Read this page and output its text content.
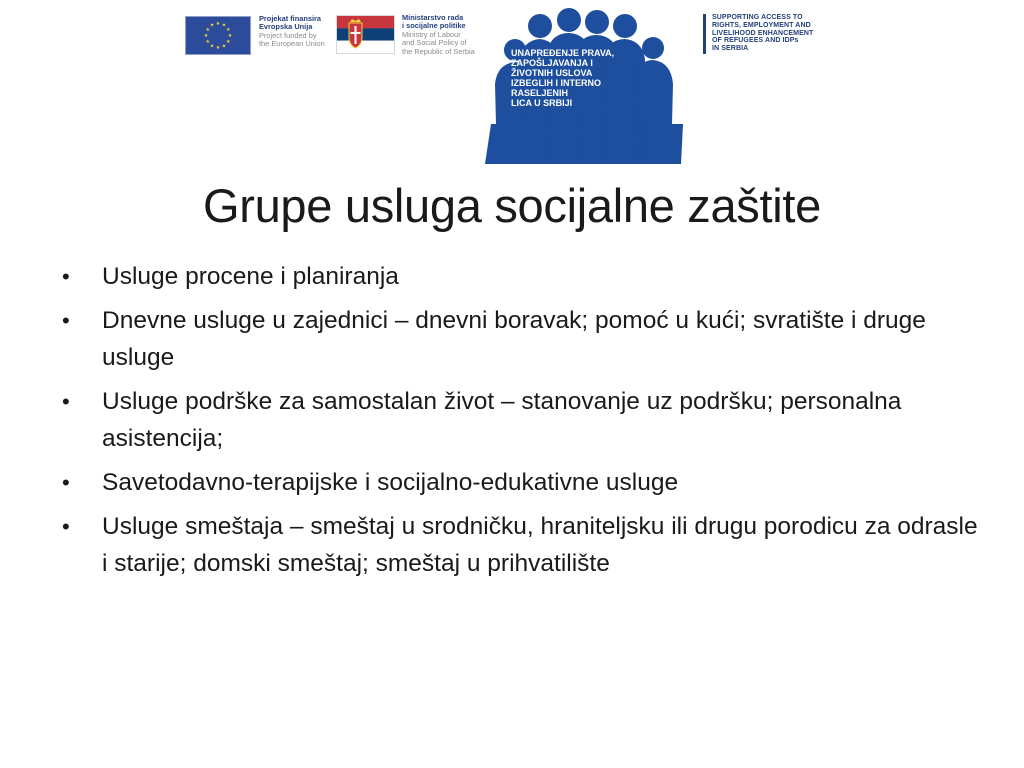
★ ★
★
★
★
★
★
★
★
★
★
★
Projekat finansira
Evropska Unija
Project funded by
the European Union
Ministarstvo rada
i socijalne politike
Ministry of Labour
and Social Policy of
the Republic of Serbia	UNAPREĐENJE PRAVA,
ZAPOŠLJAVANJA I
ŽIVOTNIH USLOVA
IZBEGLIH I INTERNO
RASELJENIH
LICA U SRBIJI
SUPPORTING ACCESS TO
RIGHTS, EMPLOYMENT AND
LIVELIHOOD ENHANCEMENT
OF REFUGEES AND IDPs
IN SERBIA
Grupe usluga socijalne zaštite
•	Usluge procene i planiranja
•	Dnevne usluge u zajednici – dnevni boravak; pomoć u kući; svratište i druge usluge
•	Usluge podrške za samostalan život – stanovanje uz podršku; personalna asistencija;
•	Savetodavno-terapijske i socijalno-edukativne usluge
•	Usluge smeštaja – smeštaj u srodničku, hraniteljsku ili drugu porodicu za odrasle i starije; domski smeštaj; smeštaj u prihvatilište
